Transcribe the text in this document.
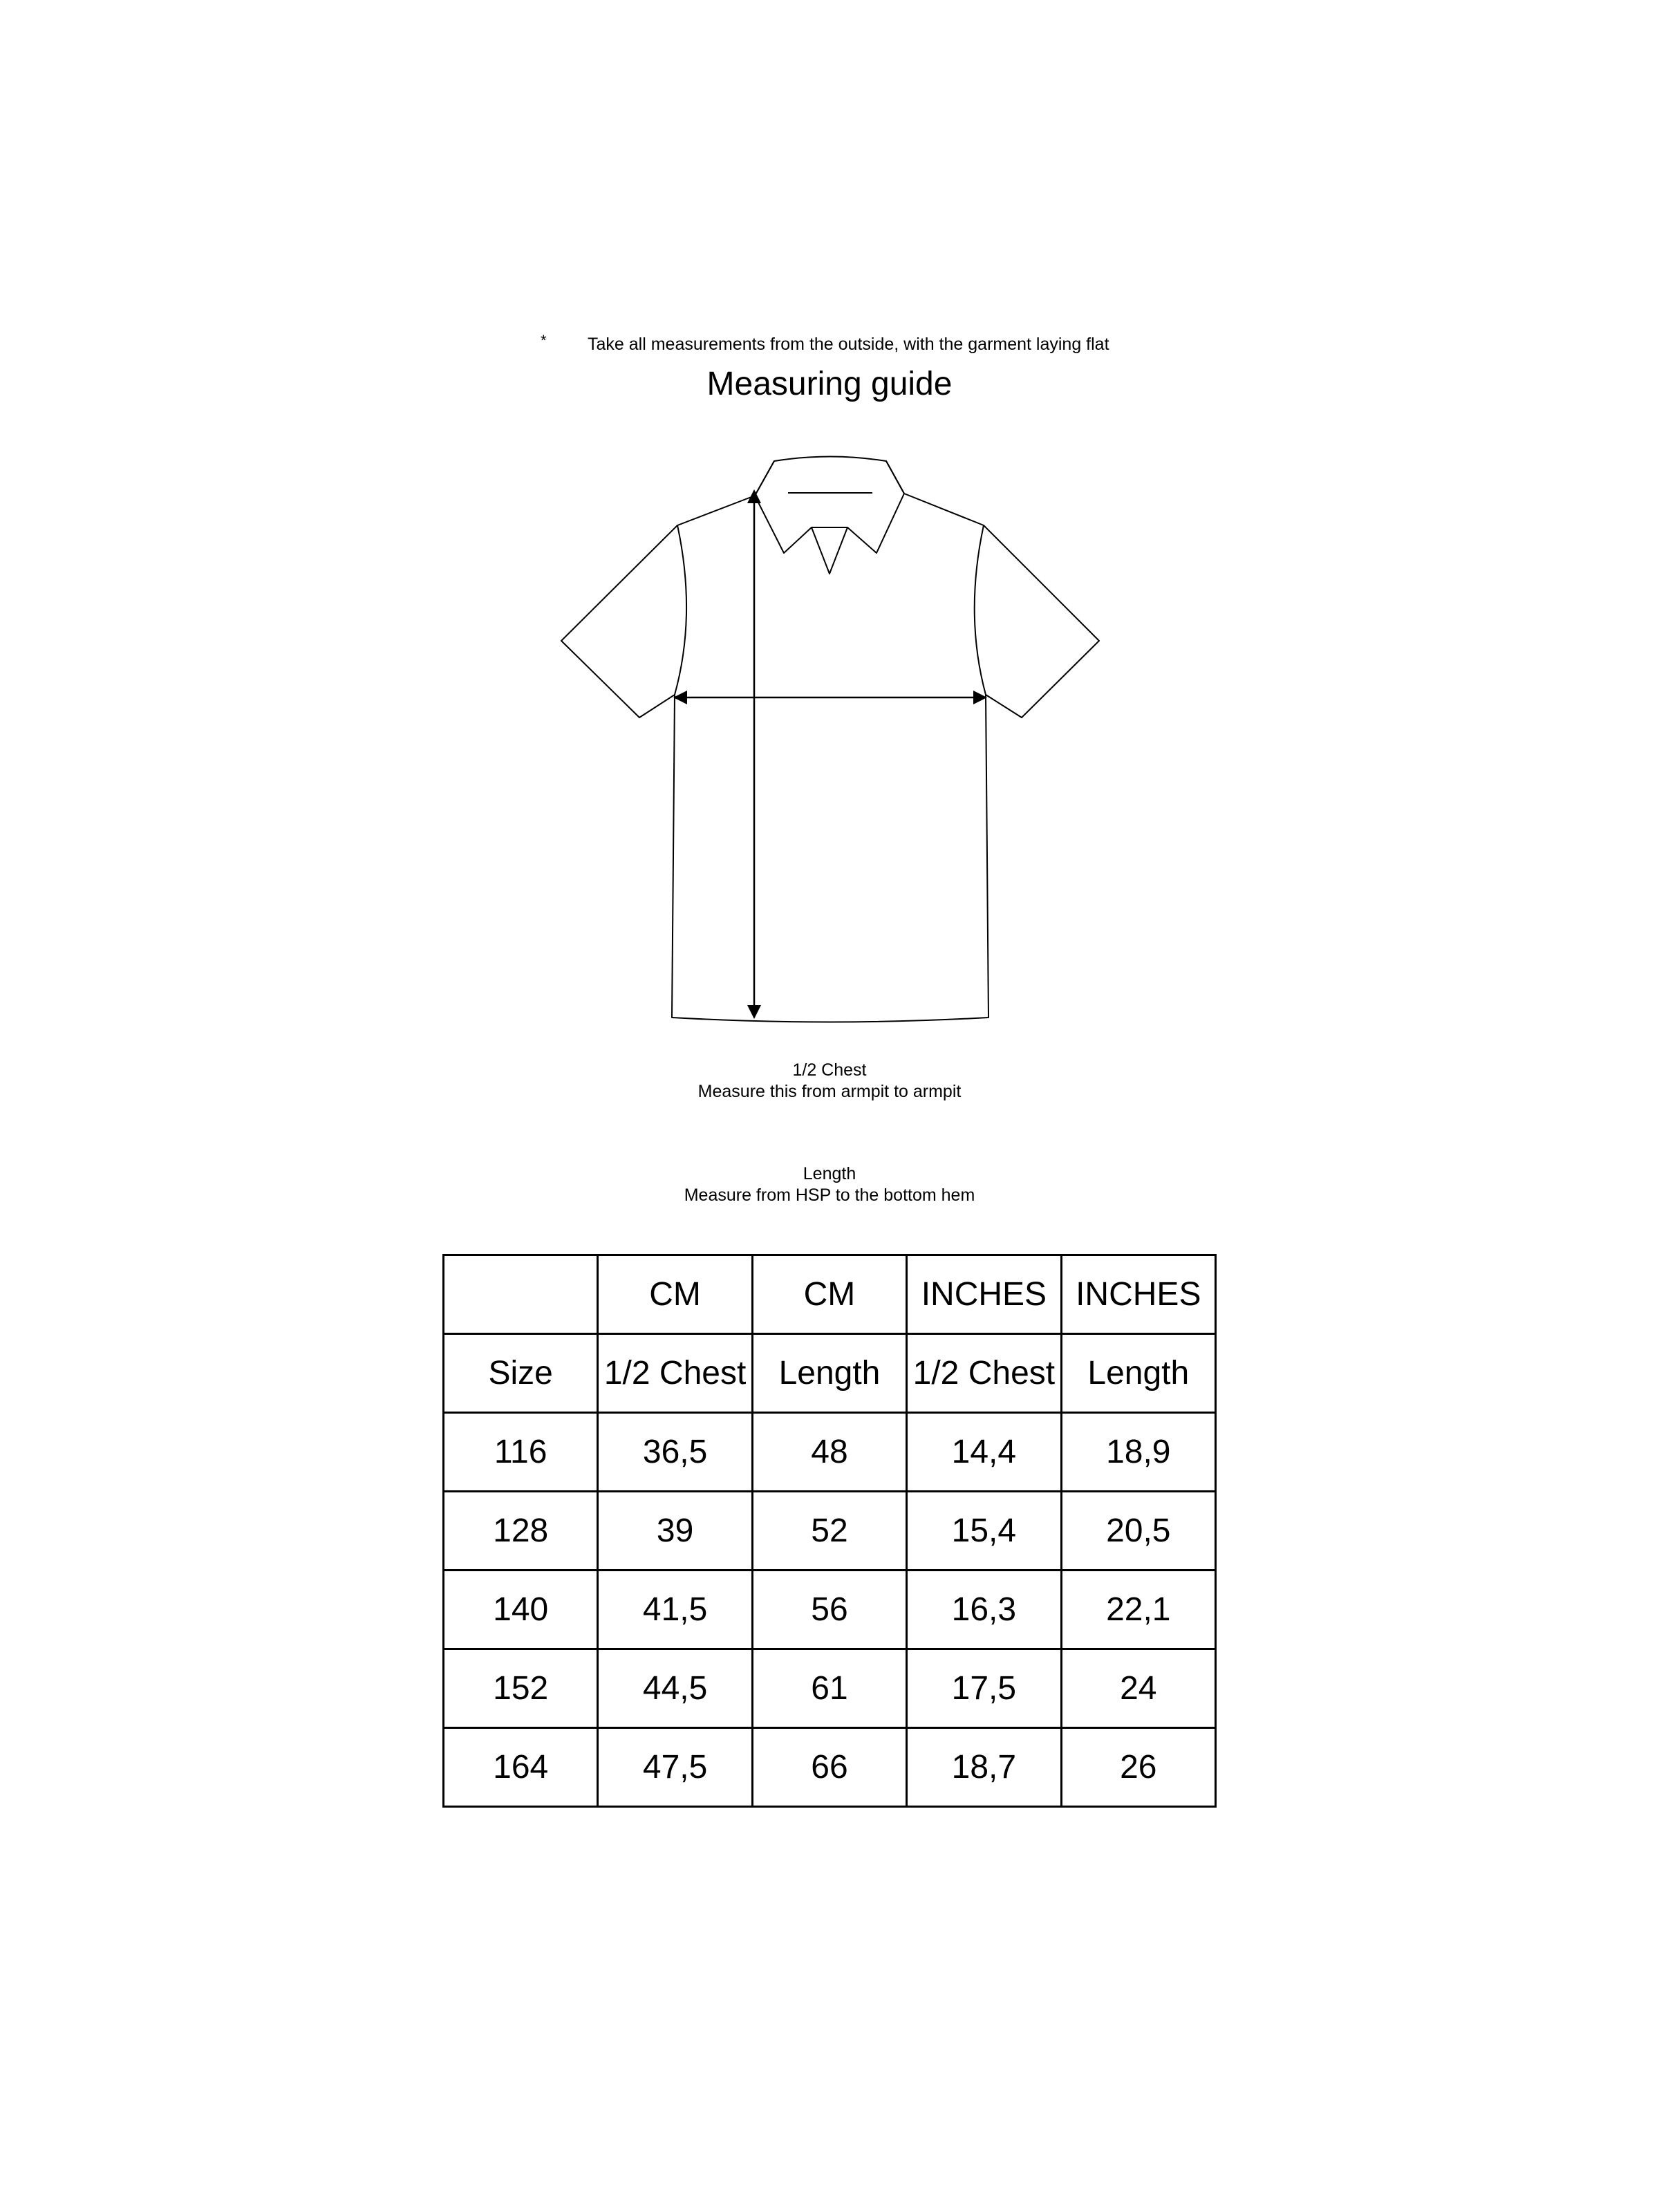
* Take all measurements from the outside, with the garment laying flat
Measuring guide
1/2 Chest
Measure this from armpit to armpit
Length
Measure from HSP to the bottom hem
	CM	CM	INCHES	INCHES
Size	1/2 Chest	Length	1/2 Chest	Length
116	36,5	48	14,4	18,9
128	39	52	15,4	20,5
140	41,5	56	16,3	22,1
152	44,5	61	17,5	24
164	47,5	66	18,7	26
